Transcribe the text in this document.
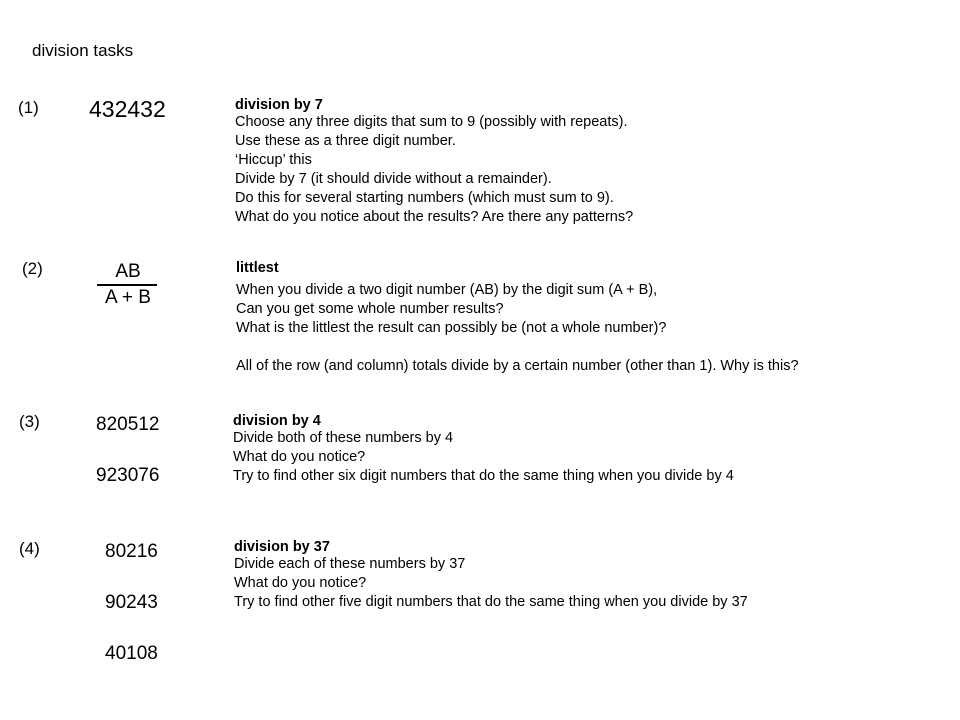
division tasks
(1) 432432	division by 7
Choose any three digits that sum to 9 (possibly with repeats).
Use these as a three digit number.
‘Hiccup’ this
Divide by 7 (it should divide without a remainder).
Do this for several starting numbers (which must sum to 9).
What do you notice about the results? Are there any patterns?
(2)	AB
A + B
littlest
When you divide a two digit number (AB) by the digit sum (A + B),
Can you get some whole number results?
What is the littlest the result can possibly be (not a whole number)?
All of the row (and column) totals divide by a certain number (other than 1). Why is this?
(3)	820512
923076
division by 4
Divide both of these numbers by 4
What do you notice?
Try to find other six digit numbers that do the same thing when you divide by 4
(4)	80216
90243
40108
division by 37
Divide each of these numbers by 37
What do you notice?
Try to find other five digit numbers that do the same thing when you divide by 37
